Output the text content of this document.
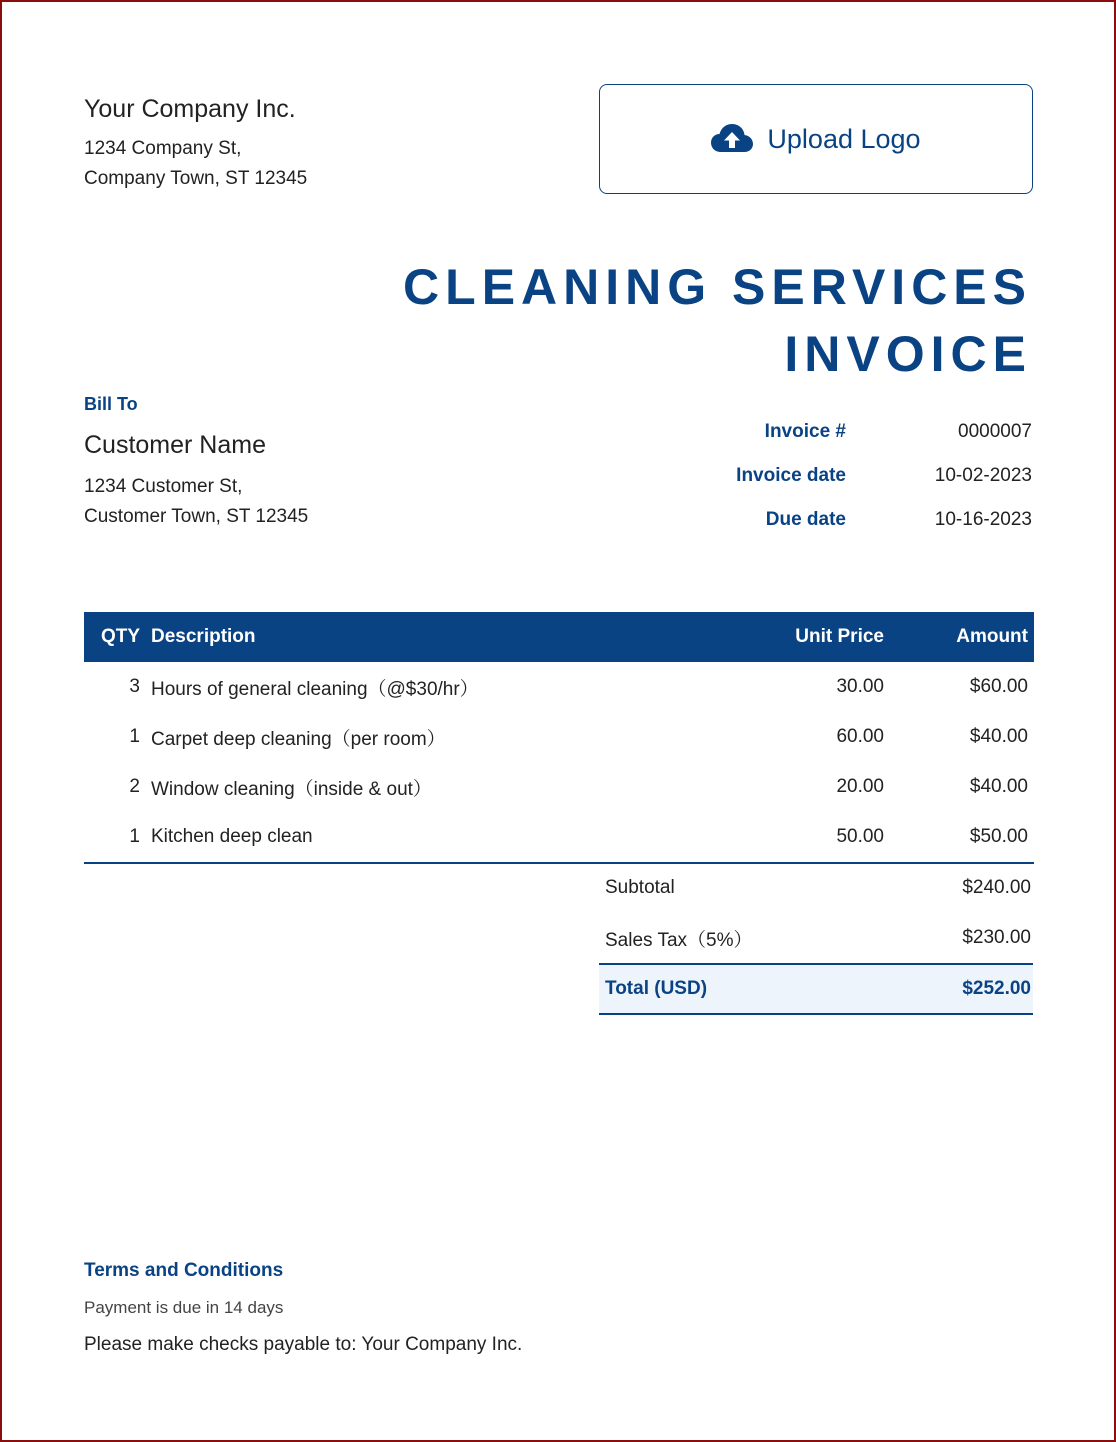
Your Company Inc.
1234 Company St,
Company Town, ST 12345
Upload Logo
CLEANING SERVICES
INVOICE
Bill To
Customer Name
1234 Customer St,
Customer Town, ST 12345
Invoice #	0000007
Invoice date	10-02-2023
Due date	10-16-2023
QTY Description	Unit Price	Amount
3 Hours of general cleaning（@$30/hr）	30.00	$60.00
1 Carpet deep cleaning（per room）	60.00	$40.00
2 Window cleaning（inside & out）	20.00	$40.00
1 Kitchen deep clean	50.00	$50.00
Subtotal	$240.00
Sales Tax（5%）	$230.00
Total (USD)	$252.00
Terms and Conditions
Payment is due in 14 days
Please make checks payable to: Your Company Inc.
